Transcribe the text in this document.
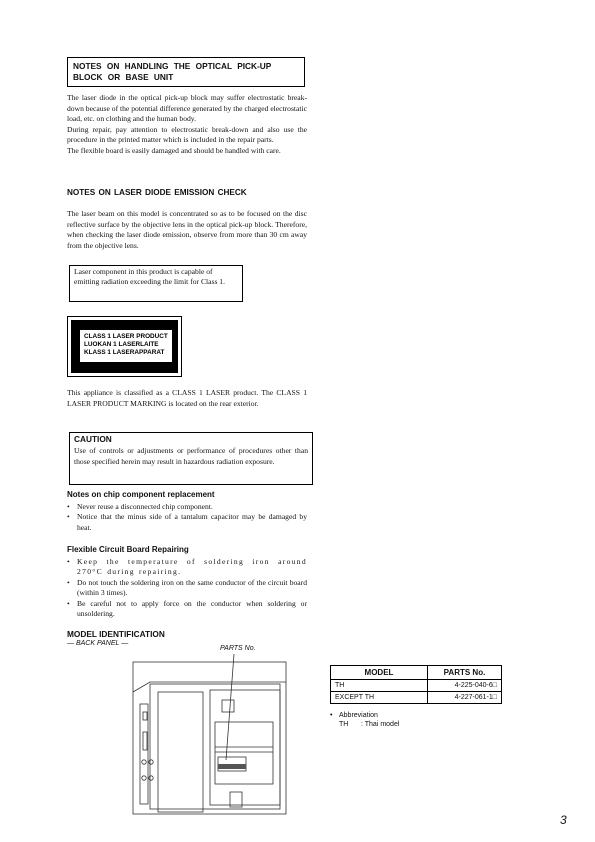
NOTES ON HANDLING THE OPTICAL PICK-UP BLOCK OR BASE UNIT

The laser diode in the optical pick-up block may suffer electrostatic break-down because of the potential difference generated by the charged electrostatic load, etc. on clothing and the human body.

During repair, pay attention to electrostatic break-down and also use the procedure in the printed matter which is included in the repair parts.

The flexible board is easily damaged and should be handled with care.

NOTES ON LASER DIODE EMISSION CHECK

The laser beam on this model is concentrated so as to be focused on the disc reflective surface by the objective lens in the optical pick-up block. Therefore, when checking the laser diode emission, observe from more than 30 cm away from the objective lens.

Laser component in this product is capable of emitting radiation exceeding the limit for Class 1.

CLASS 1 LASER PRODUCT
LUOKAN 1 LASERLAITE
KLASS 1 LASERAPPARAT

This appliance is classified as a CLASS 1 LASER product. The CLASS 1 LASER PRODUCT MARKING is located on the rear exterior.

CAUTION

Use of controls or adjustments or performance of procedures other than those specified herein may result in hazardous radiation exposure.

Notes on chip component replacement
• Never reuse a disconnected chip component.
• Notice that the minus side of a tantalum capacitor may be damaged by heat.
Flexible Circuit Board Repairing
• Keep the temperature of soldering iron around 270°C during repairing.
• Do not touch the soldering iron on the same conductor of the circuit board (within 3 times).
• Be careful not to apply force on the conductor when soldering or unsoldering.
MODEL IDENTIFICATION
— BACK PANEL —
PARTS No.
MODEL	PARTS No.
TH	4-225-040-6□
EXCEPT TH	4-227-061-1□
• Abbreviation
TH : Thai model
3
